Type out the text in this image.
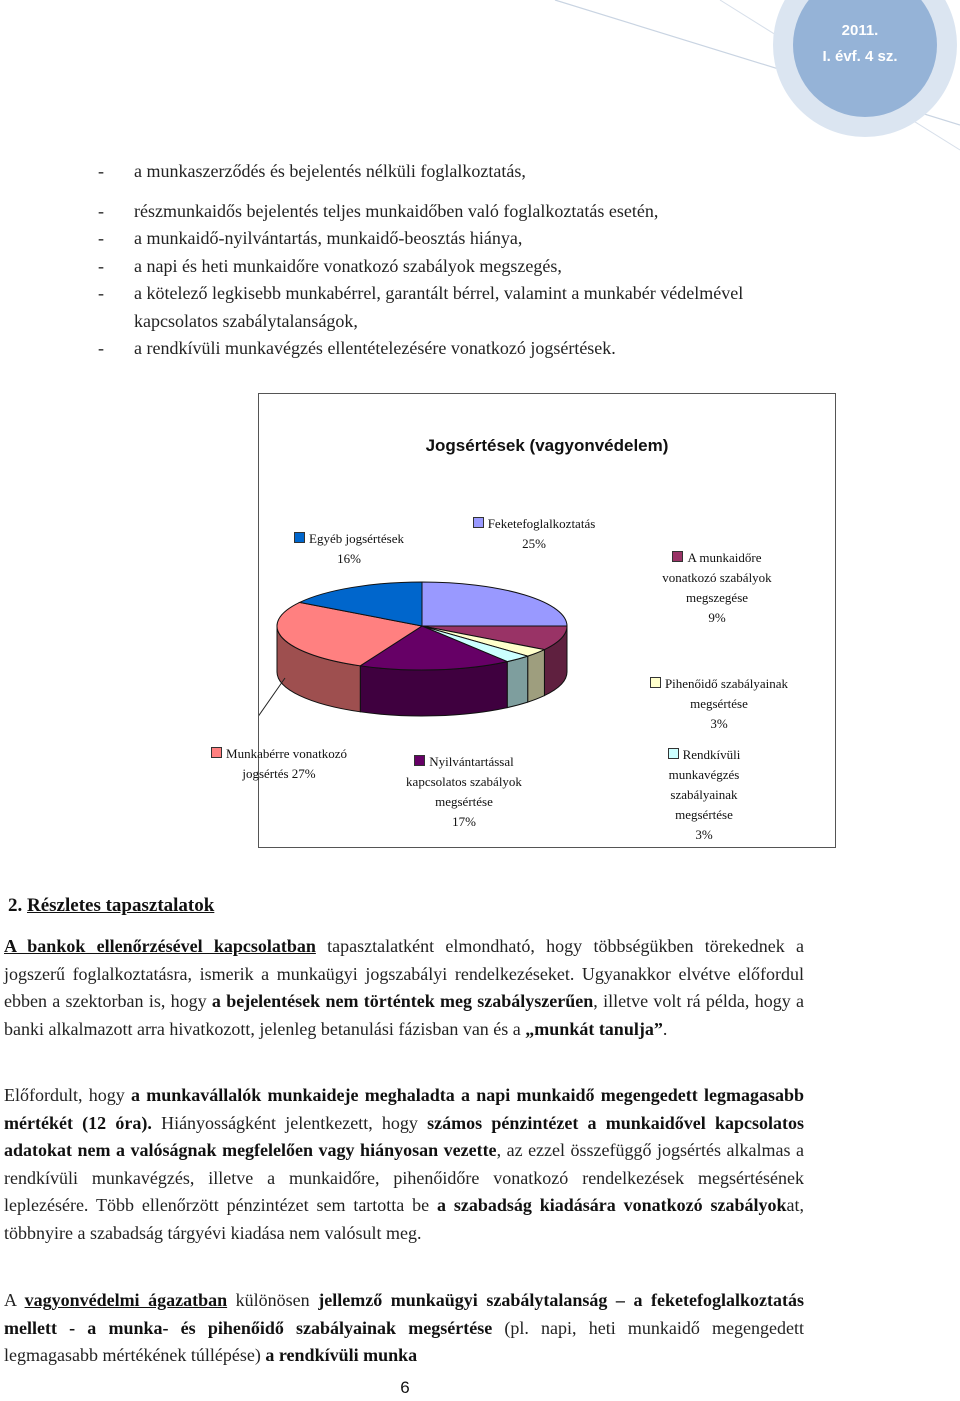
2011.
I. évf. 4 sz.
- a munkaszerződés és bejelentés nélküli foglalkoztatás,
- részmunkaidős bejelentés teljes munkaidőben való foglalkoztatás esetén,
- a munkaidő-nyilvántartás, munkaidő-beosztás hiánya,
- a napi és heti munkaidőre vonatkozó szabályok megszegés,
- a kötelező legkisebb munkabérrel, garantált bérrel, valamint a munkabér védelmével kapcsolatos szabálytalanságok,
- a rendkívüli munkavégzés ellentételezésére vonatkozó jogsértések.
Jogsértések (vagyonvédelem)
Egyéb jogsértések
16%
Feketefoglalkoztatás
25%
A munkaidőre
vonatkozó szabályok
megszegése
9%
Pihenőidő szabályainak
megsértése
3%
Munkabérre vonatkozó
jogsértés 27%
Nyilvántartással
kapcsolatos szabályok
megsértése
17%
Rendkívüli
munkavégzés
szabályainak
megsértése
3%
2. Részletes tapasztalatok
A bankok ellenőrzésével kapcsolatban tapasztalatként elmondható, hogy többségükben törekednek a jogszerű foglalkoztatásra, ismerik a munkaügyi jogszabályi rendelkezéseket. Ugyanakkor elvétve előfordul ebben a szektorban is, hogy a bejelentések nem történtek meg szabályszerűen, illetve volt rá példa, hogy a banki alkalmazott arra hivatkozott, jelenleg betanulási fázisban van és a „munkát tanulja”.
Előfordult, hogy a munkavállalók munkaideje meghaladta a napi munkaidő megengedett legmagasabb mértékét (12 óra). Hiányosságként jelentkezett, hogy számos pénzintézet a munkaidővel kapcsolatos adatokat nem a valóságnak megfelelően vagy hiányosan vezette, az ezzel összefüggő jogsértés alkalmas a rendkívüli munkavégzés, illetve a munkaidőre, pihenőidőre vonatkozó rendelkezések megsértésének leplezésére. Több ellenőrzött pénzintézet sem tartotta be a szabadság kiadására vonatkozó szabályokat, többnyire a szabadság tárgyévi kiadása nem valósult meg.
A vagyonvédelmi ágazatban különösen jellemző munkaügyi szabálytalanság – a feketefoglalkoztatás mellett - a munka- és pihenőidő szabályainak megsértése (pl. napi, heti munkaidő megengedett legmagasabb mértékének túllépése) a rendkívüli munka
6
